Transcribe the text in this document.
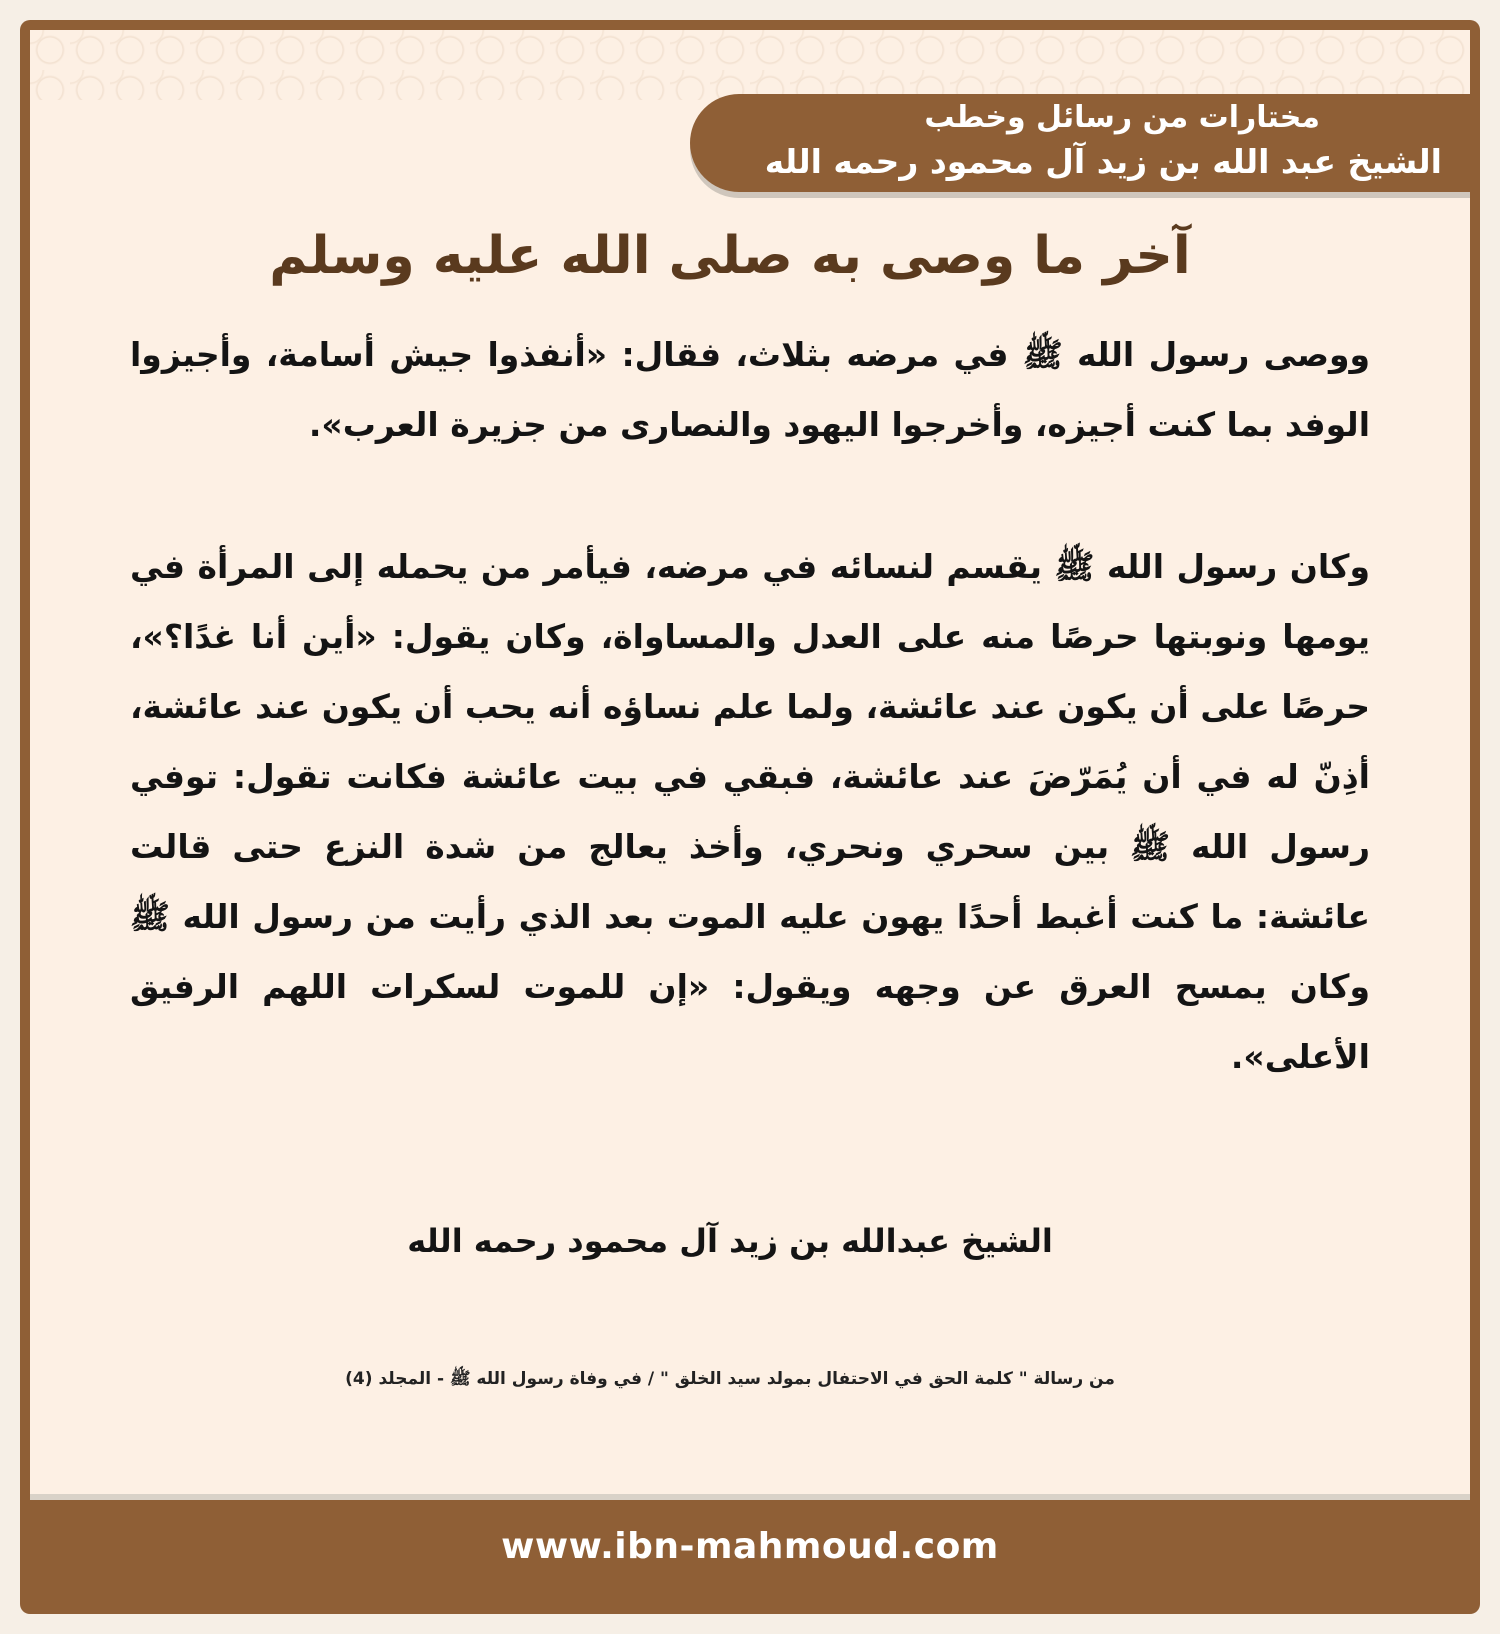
مختارات من رسائل وخطب
الشيخ عبد الله بن زيد آل محمود رحمه الله
آخر ما وصى به صلى الله عليه وسلم

ووصى رسول الله ﷺ في مرضه بثلاث، فقال: «أنفذوا جيش أسامة، وأجيزوا الوفد بما كنت أجيزه، وأخرجوا اليهود والنصارى من جزيرة العرب».

وكان رسول الله ﷺ يقسم لنسائه في مرضه، فيأمر من يحمله إلى المرأة في يومها ونوبتها حرصًا منه على العدل والمساواة، وكان يقول: «أين أنا غدًا؟»، حرصًا على أن يكون عند عائشة، ولما علم نساؤه أنه يحب أن يكون عند عائشة، أذِنّ له في أن يُمَرّضَ عند عائشة، فبقي في بيت عائشة فكانت تقول: توفي رسول الله ﷺ بين سحري ونحري، وأخذ يعالج من شدة النزع حتى قالت عائشة: ما كنت أغبط أحدًا يهون عليه الموت بعد الذي رأيت من رسول الله ﷺ وكان يمسح العرق عن وجهه ويقول: «إن للموت لسكرات اللهم الرفيق الأعلى».

الشيخ عبدالله بن زيد آل محمود رحمه الله
من رسالة " كلمة الحق في الاحتفال بمولد سيد الخلق " / في وفاة رسول الله ﷺ - المجلد (4)
www.ibn-mahmoud.com
